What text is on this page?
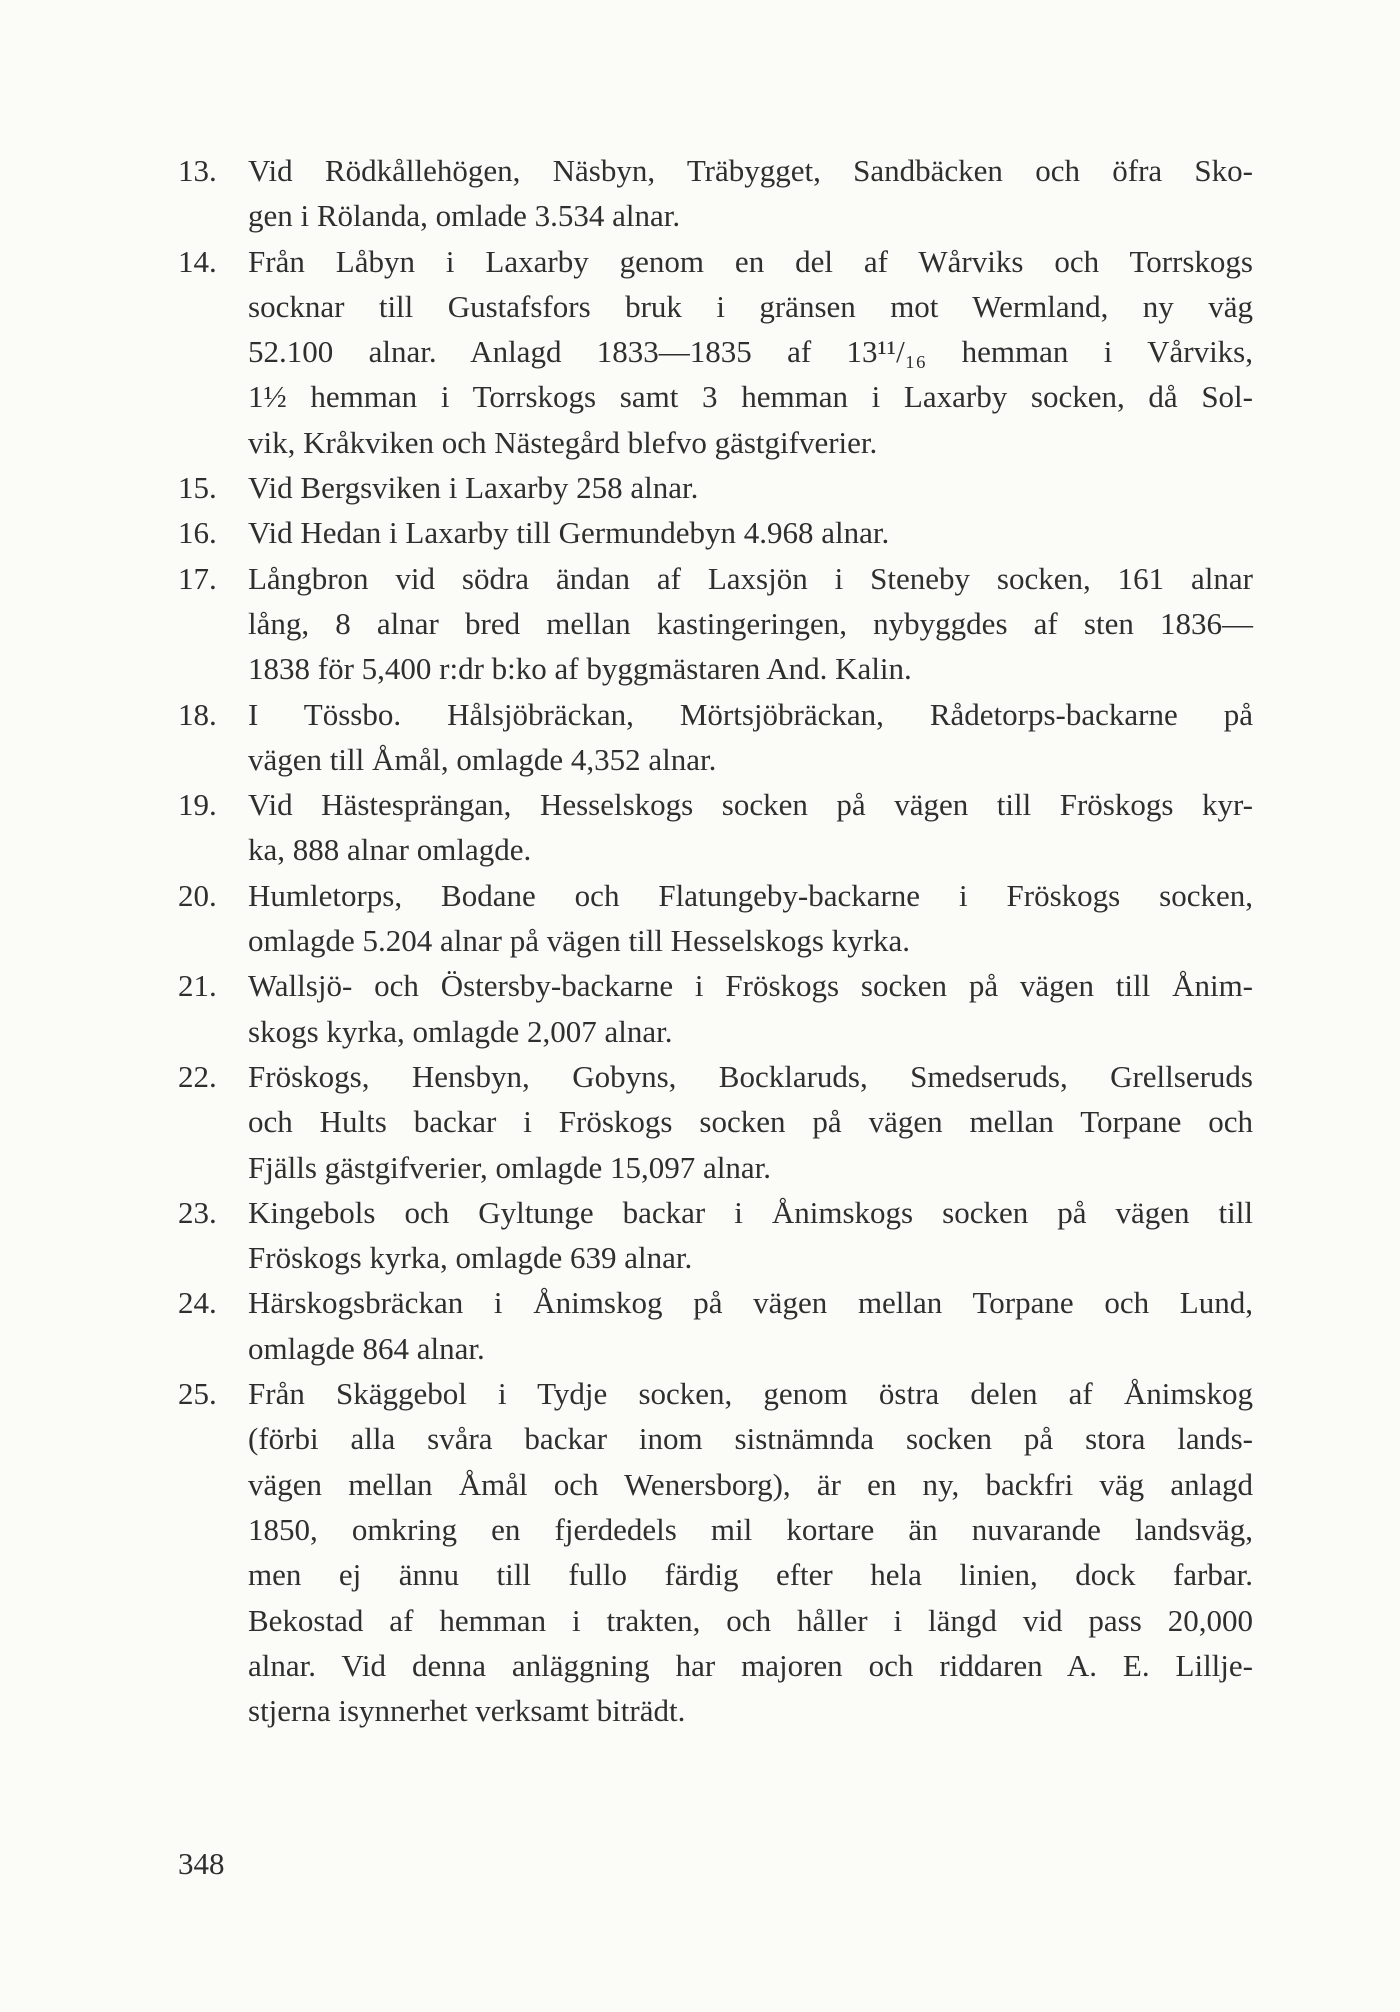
13.	Vid Rödkållehögen, Näsbyn, Träbygget, Sandbäcken och öfra Sko-
gen i Rölanda, omlade 3.534 alnar.
14.	Från Låbyn i Laxarby genom en del af Wårviks och Torrskogs
socknar till Gustafsfors bruk i gränsen mot Wermland, ny väg
52.100 alnar. Anlagd 1833—1835 af 13¹¹/₁₆ hemman i Vårviks,
1½ hemman i Torrskogs samt 3 hemman i Laxarby socken, då Sol-
vik, Kråkviken och Nästegård blefvo gästgifverier.
15.	Vid Bergsviken i Laxarby 258 alnar.
16.	Vid Hedan i Laxarby till Germundebyn 4.968 alnar.
17.	Långbron vid södra ändan af Laxsjön i Steneby socken, 161 alnar
lång, 8 alnar bred mellan kastingeringen, nybyggdes af sten 1836—
1838 för 5,400 r:dr b:ko af byggmästaren And. Kalin.
18.	I Tössbo. Hålsjöbräckan, Mörtsjöbräckan, Rådetorps-backarne på
vägen till Åmål, omlagde 4,352 alnar.
19.	Vid Hästesprängan, Hesselskogs socken på vägen till Fröskogs kyr-
ka, 888 alnar omlagde.
20.	Humletorps, Bodane och Flatungeby-backarne i Fröskogs socken,
omlagde 5.204 alnar på vägen till Hesselskogs kyrka.
21.	Wallsjö- och Östersby-backarne i Fröskogs socken på vägen till Ånim-
skogs kyrka, omlagde 2,007 alnar.
22.	Fröskogs, Hensbyn, Gobyns, Bocklaruds, Smedseruds, Grellseruds
och Hults backar i Fröskogs socken på vägen mellan Torpane och
Fjälls gästgifverier, omlagde 15,097 alnar.
23.	Kingebols och Gyltunge backar i Ånimskogs socken på vägen till
Fröskogs kyrka, omlagde 639 alnar.
24.	Härskogsbräckan i Ånimskog på vägen mellan Torpane och Lund,
omlagde 864 alnar.
25.	Från Skäggebol i Tydje socken, genom östra delen af Ånimskog
(förbi alla svåra backar inom sistnämnda socken på stora lands-
vägen mellan Åmål och Wenersborg), är en ny, backfri väg anlagd
1850, omkring en fjerdedels mil kortare än nuvarande landsväg,
men ej ännu till fullo färdig efter hela linien, dock farbar.
Bekostad af hemman i trakten, och håller i längd vid pass 20,000
alnar. Vid denna anläggning har majoren och riddaren A. E. Lillje-
stjerna isynnerhet verksamt biträdt.
348
